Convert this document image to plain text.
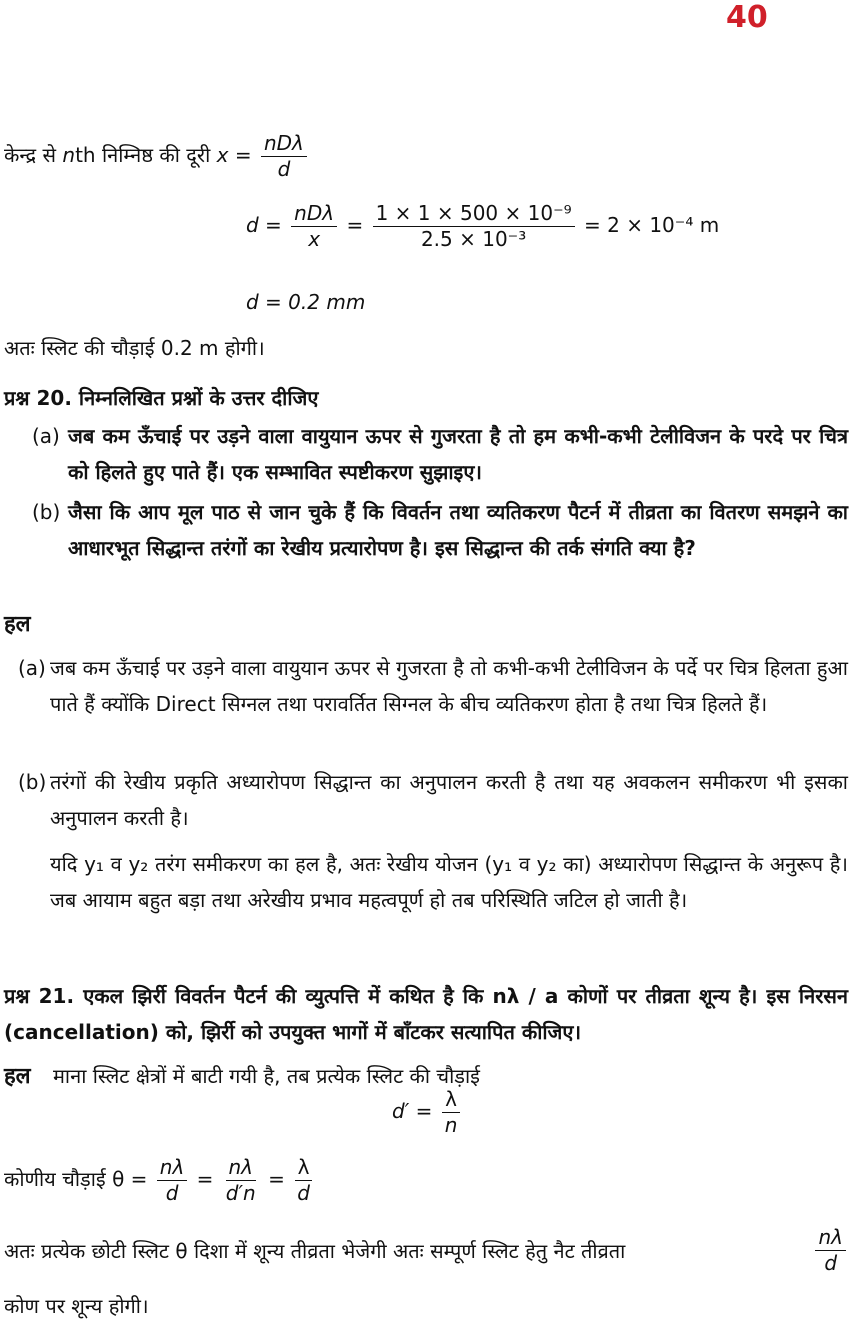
40
केन्द्र से nth निम्निष्ठ की दूरी $x = \frac{\text{nDλ}}{d}$
$d = \frac{\text{nDλ}}{x} = \frac{\text{1 × 1 × 500 × 10⁻⁹}}{\text{2.5 × 10⁻³}} = 2 \times 10^{-4}$ m
d = 0.2 mm
अतः स्लिट की चौड़ाई 0.2 m होगी।
प्रश्न 20. निम्नलिखित प्रश्नों के उत्तर दीजिए
(a) जब कम ऊँचाई पर उड़ने वाला वायुयान ऊपर से गुजरता है तो हम कभी-कभी टेलीविजन के परदे पर चित्र को हिलते हुए पाते हैं। एक सम्भावित स्पष्टीकरण सुझाइए।
(b) जैसा कि आप मूल पाठ से जान चुके हैं कि विवर्तन तथा व्यतिकरण पैटर्न में तीव्रता का वितरण समझने का आधारभूत सिद्धान्त तरंगों का रेखीय प्रत्यारोपण है। इस सिद्धान्त की तर्क संगति क्या है?
हल
(a) जब कम ऊँचाई पर उड़ने वाला वायुयान ऊपर से गुजरता है तो कभी-कभी टेलीविजन के पर्दे पर चित्र हिलता हुआ पाते हैं क्योंकि Direct सिग्नल तथा परावर्तित सिग्नल के बीच व्यतिकरण होता है तथा चित्र हिलते हैं।
(b) तरंगों की रेखीय प्रकृति अध्यारोपण सिद्धान्त का अनुपालन करती है तथा यह अवकलन समीकरण भी इसका अनुपालन करती है।
यदि y₁ व y₂ तरंग समीकरण का हल है, अतः रेखीय योजन (y₁ व y₂ का) अध्यारोपण सिद्धान्त के अनुरूप है। जब आयाम बहुत बड़ा तथा अरेखीय प्रभाव महत्वपूर्ण हो तब परिस्थिति जटिल हो जाती है।
प्रश्न 21. एकल झिर्री विवर्तन पैटर्न की व्युत्पत्ति में कथित है कि nλ / a कोणों पर तीव्रता शून्य है। इस निरसन (cancellation) को, झिर्री को उपयुक्त भागों में बाँटकर सत्यापित कीजिए।
हल माना स्लिट क्षेत्रों में बाटी गयी है, तब प्रत्येक स्लिट की चौड़ाई
$d' = \frac{\lambda}{n}$
कोणीय चौड़ाई $\theta = \frac{n\lambda}{d} = \frac{n\lambda}{d'n} = \frac{\lambda}{d}$
अतः प्रत्येक छोटी स्लिट θ दिशा में शून्य तीव्रता भेजेगी अतः सम्पूर्ण स्लिट हेतु नैट तीव्रता	$\frac{n\lambda}{d}$
कोण पर शून्य होगी।
